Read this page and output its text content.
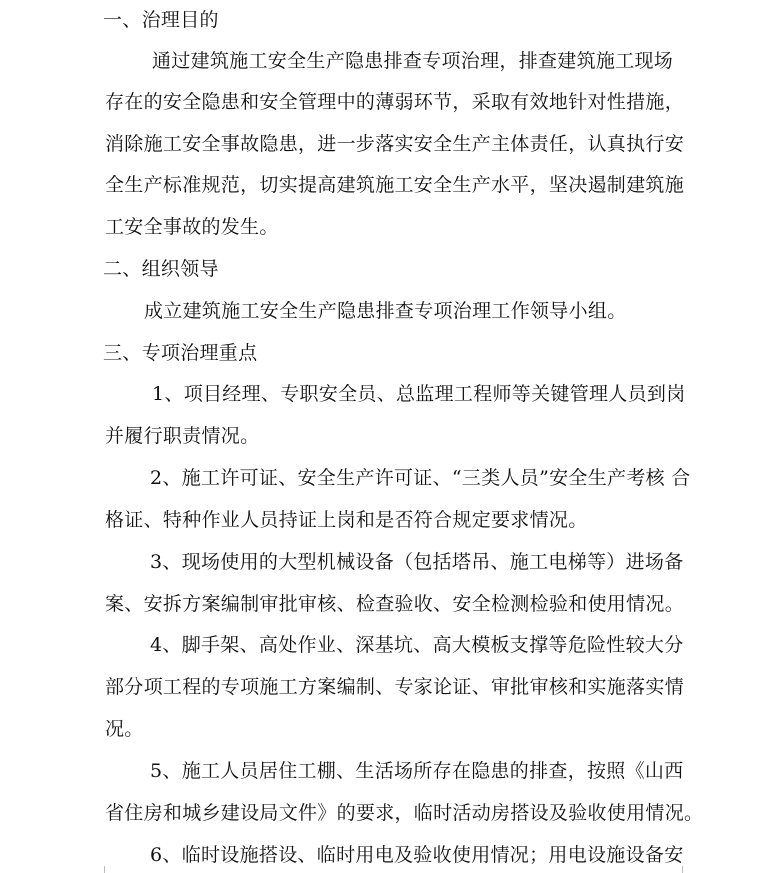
一、治理目的
通过建筑施工安全生产隐患排查专项治理，排查建筑施工现场
存在的安全隐患和安全管理中的薄弱环节，采取有效地针对性措施，
消除施工安全事故隐患，进一步落实安全生产主体责任，认真执行安
全生产标准规范，切实提高建筑施工安全生产水平，坚决遏制建筑施
工安全事故的发生。
二、组织领导
成立建筑施工安全生产隐患排查专项治理工作领导小组。
三、专项治理重点
1、项目经理、专职安全员、总监理工程师等关键管理人员到岗
并履行职责情况。
2、施工许可证、安全生产许可证、“三类人员”安全生产考核 合
格证、特种作业人员持证上岗和是否符合规定要求情况。
3、现场使用的大型机械设备（包括塔吊、施工电梯等）进场备
案、安拆方案编制审批审核、检查验收、安全检测检验和使用情况。
4、脚手架、高处作业、深基坑、高大模板支撑等危险性较大分
部分项工程的专项施工方案编制、专家论证、审批审核和实施落实情
况。
5、施工人员居住工棚、生活场所存在隐患的排查，按照《山西
省住房和城乡建设局文件》的要求，临时活动房搭设及验收使用情况。
6、临时设施搭设、临时用电及验收使用情况；用电设施设备安
